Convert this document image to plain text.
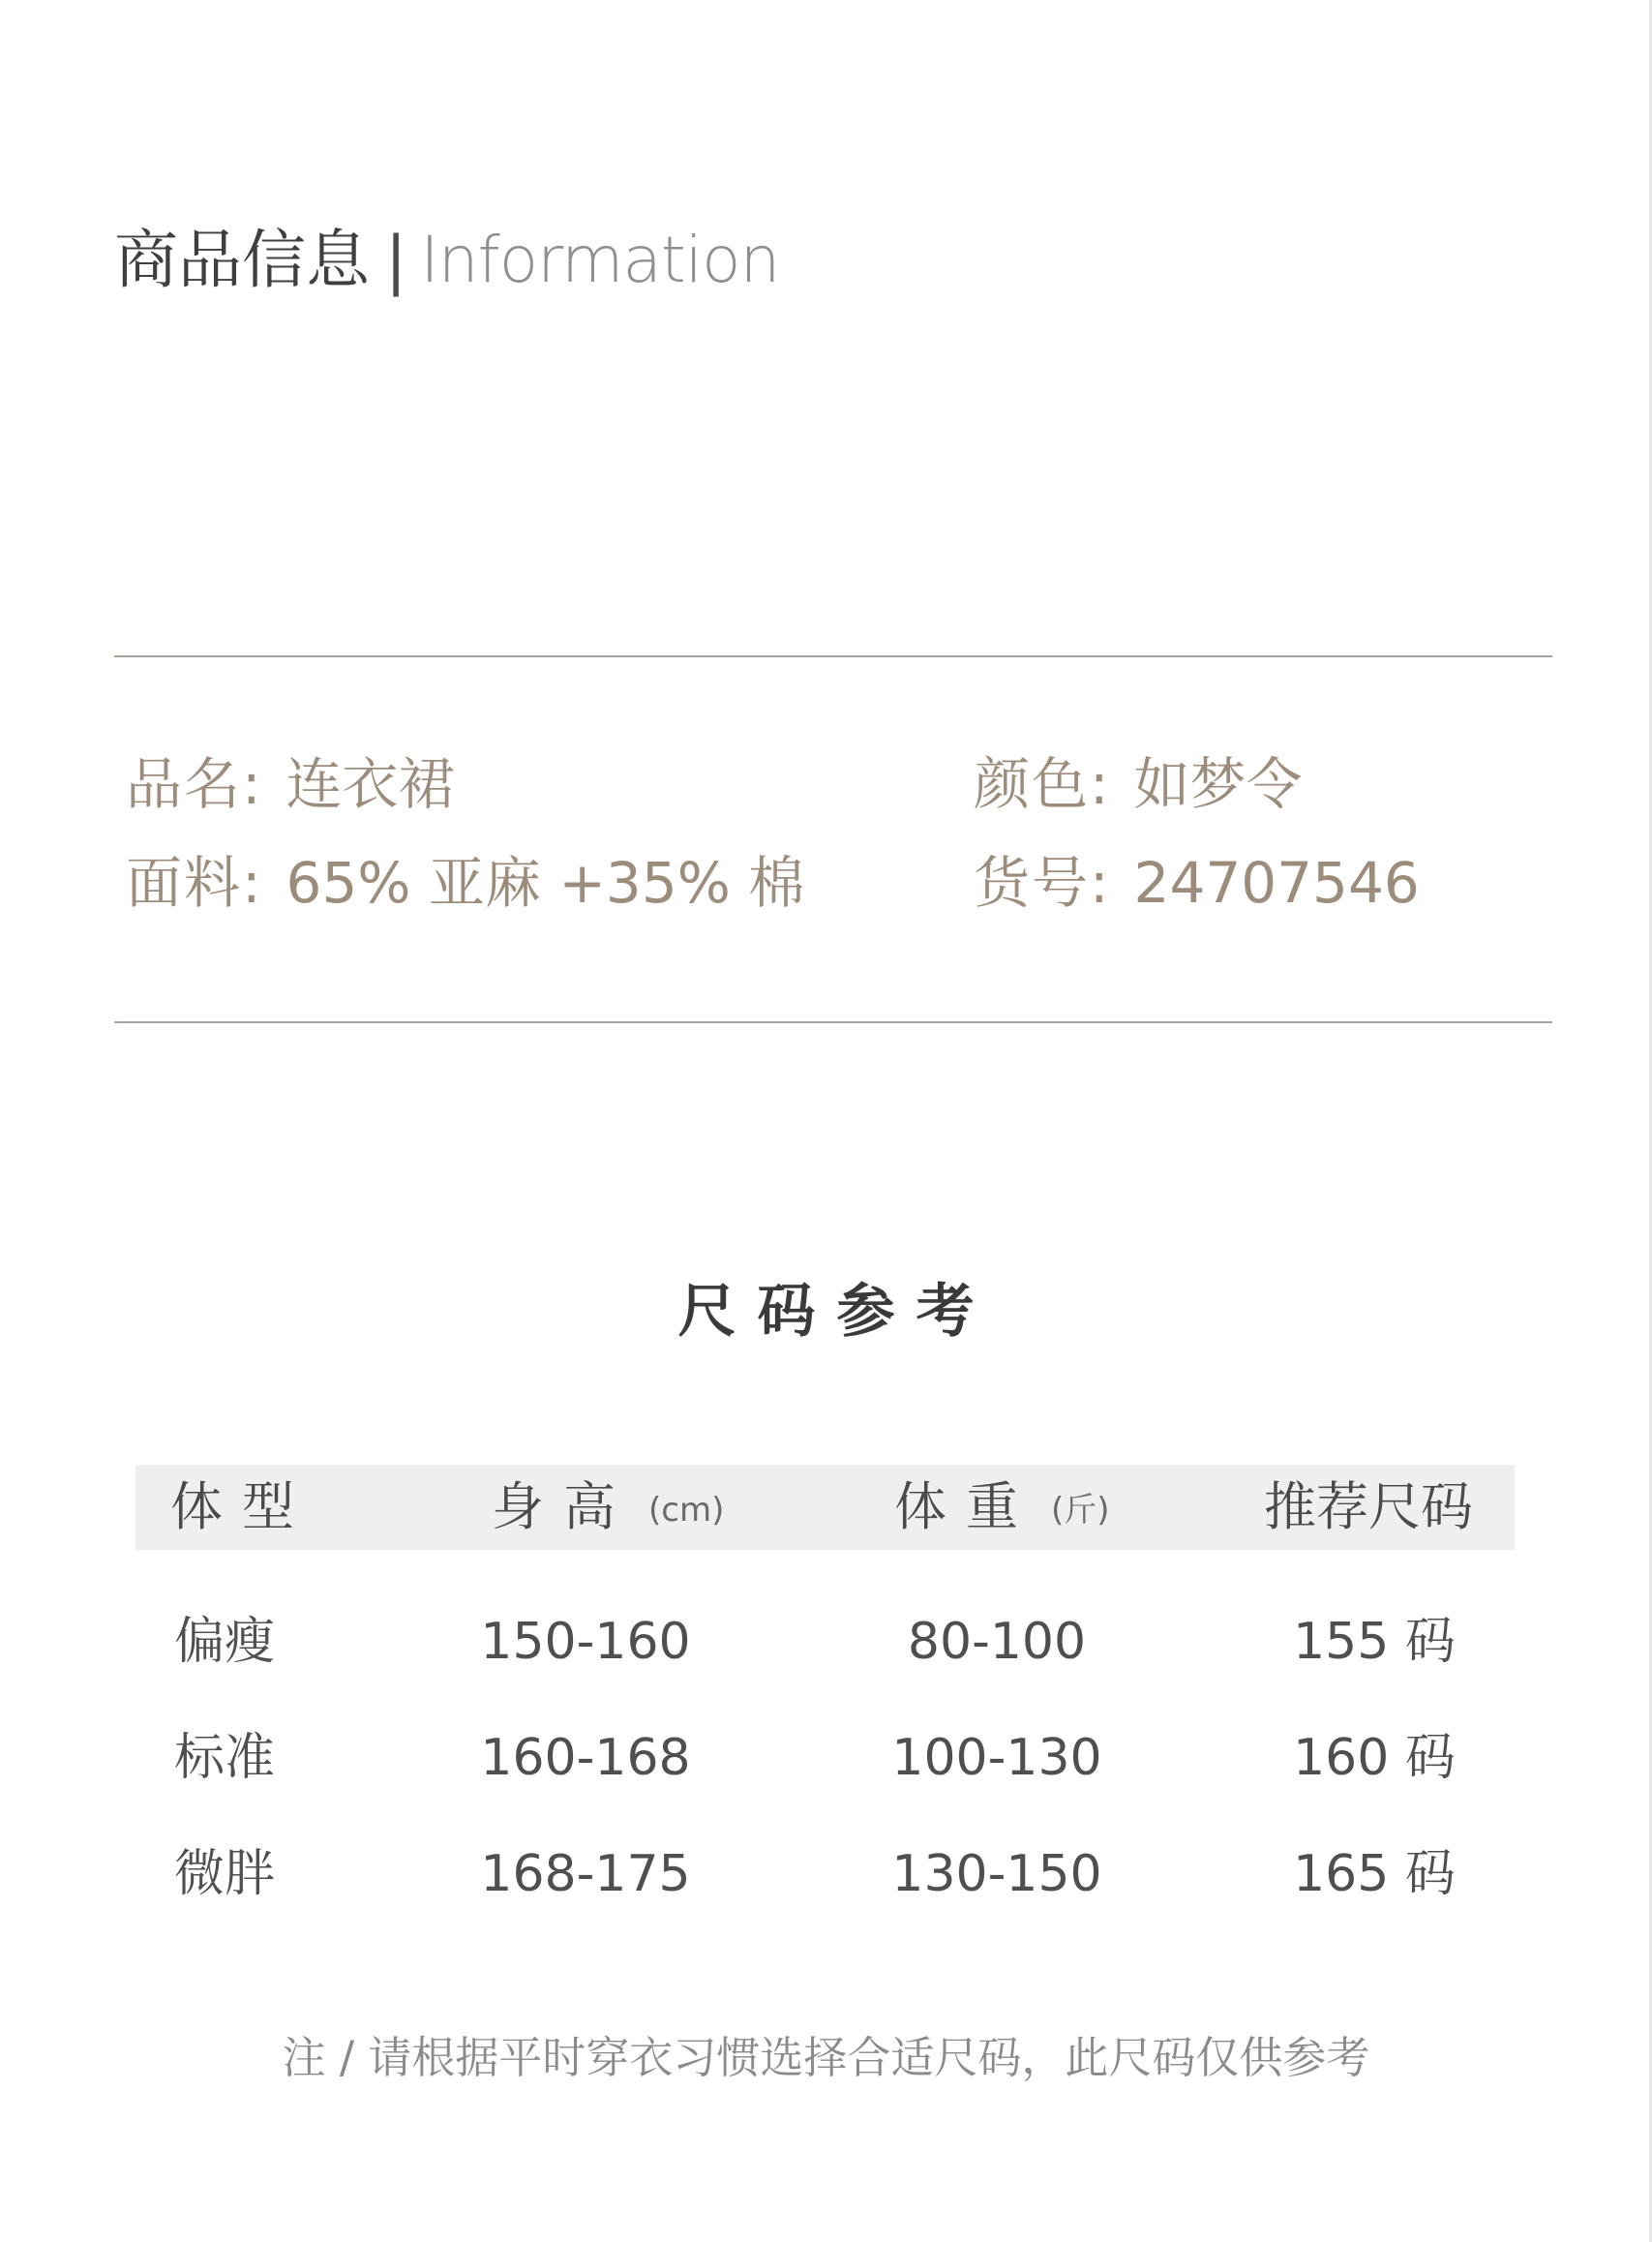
商品信息 | Information
品名: 连衣裙	颜色: 如梦令
面料: 65% 亚麻 +35% 棉	货号: 24707546
尺码参考
体型	身高 (cm)	体重 (斤)	推荐尺码
偏瘦	150-160	80-100	155 码
标准	160-168	100-130	160 码
微胖	168-175	130-150	165 码
注 / 请根据平时穿衣习惯选择合适尺码，此尺码仅供参考
